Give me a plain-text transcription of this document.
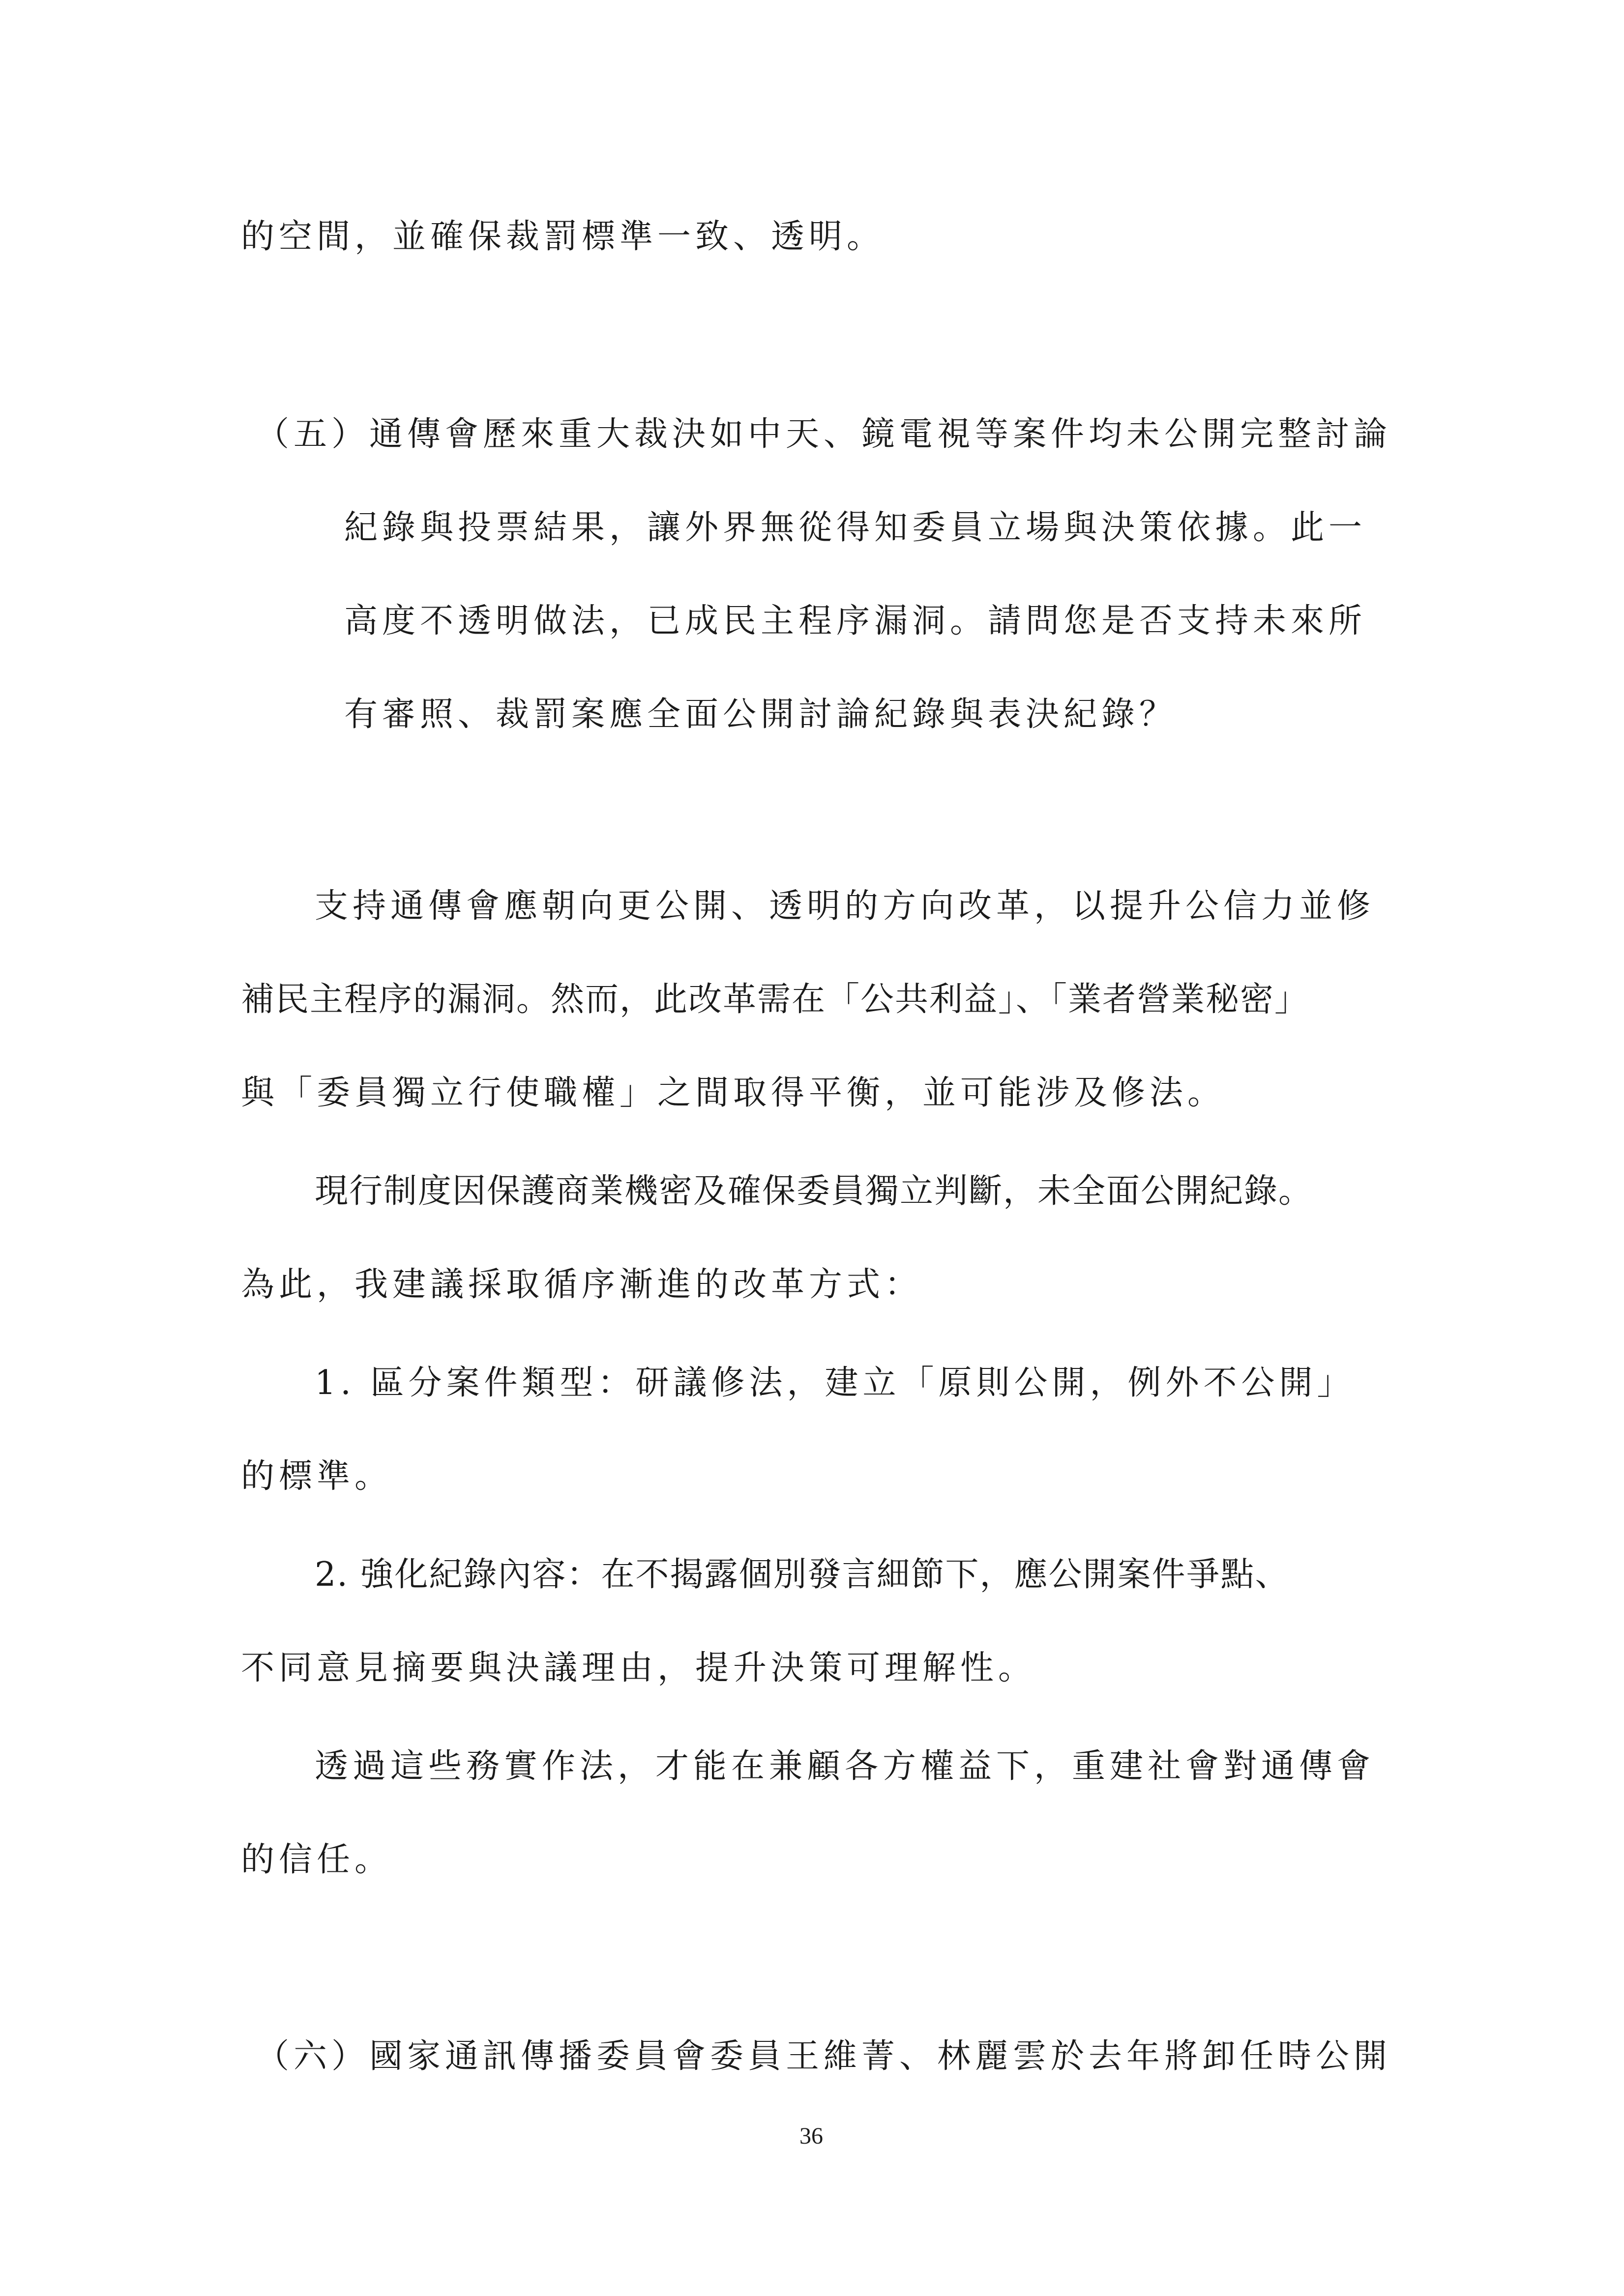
的空間，並確保裁罰標準一致、透明。
（五）通傳會歷來重大裁決如中天、鏡電視等案件均未公開完整討論
紀錄與投票結果，讓外界無從得知委員立場與決策依據。此一
高度不透明做法，已成民主程序漏洞。請問您是否支持未來所
有審照、裁罰案應全面公開討論紀錄與表決紀錄？
支持通傳會應朝向更公開、透明的方向改革，以提升公信力並修
補民主程序的漏洞。然而，此改革需在「公共利益」、「業者營業秘密」
與「委員獨立行使職權」之間取得平衡，並可能涉及修法。
現行制度因保護商業機密及確保委員獨立判斷，未全面公開紀錄。
為此，我建議採取循序漸進的改革方式：
1. 區分案件類型：研議修法，建立「原則公開，例外不公開」
的標準。
2. 強化紀錄內容：在不揭露個別發言細節下，應公開案件爭點、
不同意見摘要與決議理由，提升決策可理解性。
透過這些務實作法，才能在兼顧各方權益下，重建社會對通傳會
的信任。
（六）國家通訊傳播委員會委員王維菁、林麗雲於去年將卸任時公開
36
